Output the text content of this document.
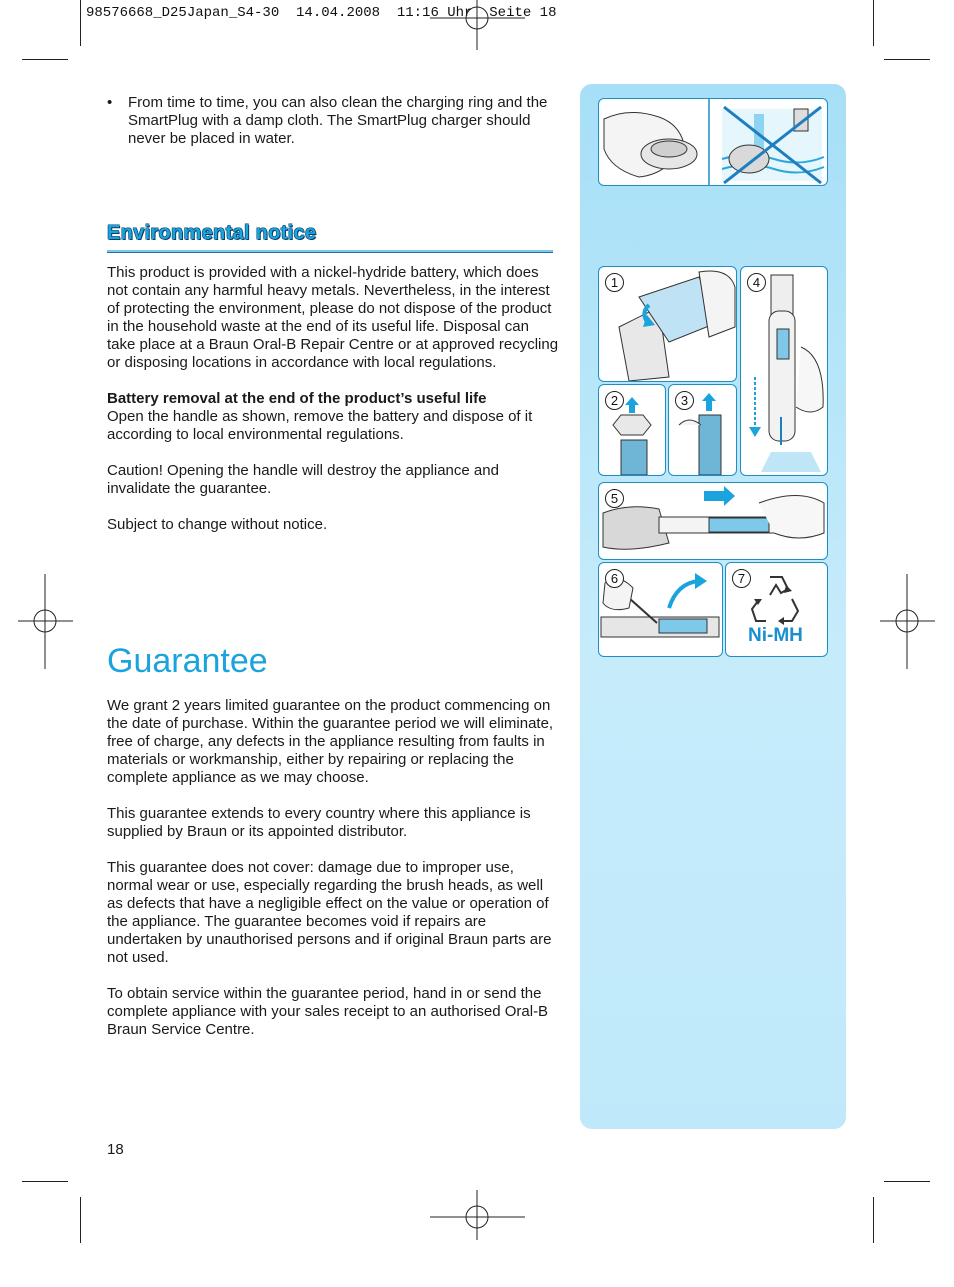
98576668_D25Japan_S4-30  14.04.2008  11:16 Uhr  Seite 18
• From time to time, you can also clean the charging ring and the SmartPlug with a damp cloth. The SmartPlug charger should never be placed in water.

Environmental notice

This product is provided with a nickel-hydride battery, which does not contain any harmful heavy metals. Nevertheless, in the interest of protecting the environment, please do not dispose of the product in the household waste at the end of its useful life. Disposal can take place at a Braun Oral-B Repair Centre or at approved recycling or disposing locations in accordance with local regulations.

Battery removal at the end of the product’s useful life

Open the handle as shown, remove the battery and dispose of it according to local environmental regulations.

Caution! Opening the handle will destroy the appliance and invalidate the guarantee.

Subject to change without notice.

Guarantee

We grant 2 years limited guarantee on the product commencing on the date of purchase. Within the guarantee period we will eliminate, free of charge, any defects in the appliance resulting from faults in materials or workmanship, either by repairing or replacing the complete appliance as we may choose.

This guarantee extends to every country where this appliance is supplied by Braun or its appointed distributor.

This guarantee does not cover: damage due to improper use, normal wear or use, especially regarding the brush heads, as well as defects that have a negligible effect on the value or operation of the appliance. The guarantee becomes void if repairs are undertaken by unauthorised persons and if original Braun parts are not used.

To obtain service within the guarantee period, hand in or send the complete appliance with your sales receipt to an authorised Oral-B Braun Service Centre.

18
1	4
2	3
5
6	7
Ni-MH
